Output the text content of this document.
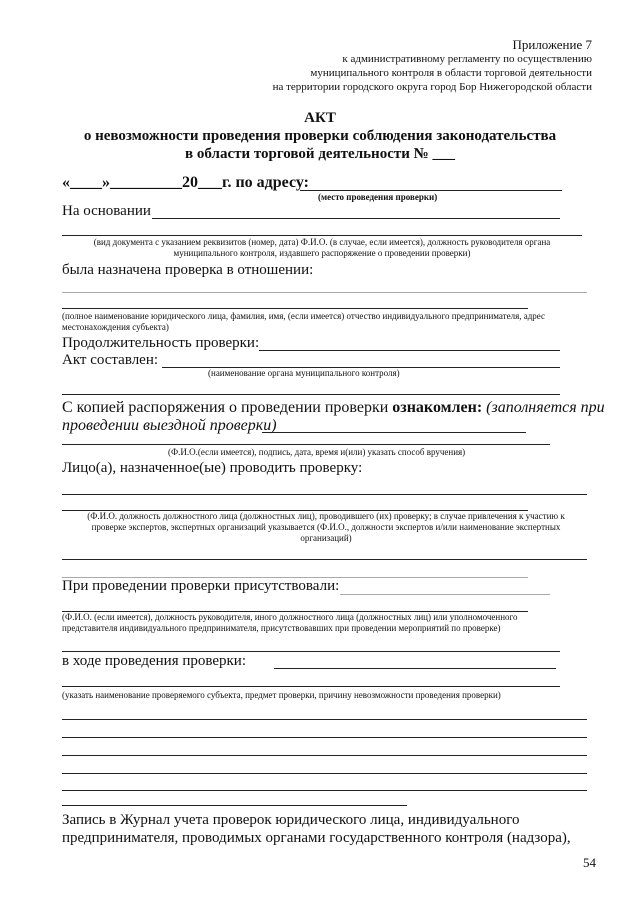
Приложение 7
к административному регламенту по осуществлению
муниципального контроля в области торговой деятельности
на территории городского округа город Бор Нижегородской области
АКТ
о невозможности проведения проверки соблюдения законодательства
в области торговой деятельности № ___
«____»_________20___г. по адресу:
(место проведения проверки)
На основании
(вид документа с указанием реквизитов (номер, дата) Ф.И.О. (в случае, если имеется), должность руководителя органа
муниципального контроля, издавшего распоряжение о проведении проверки)
была назначена проверка в отношении:
(полное наименование юридического лица, фамилия, имя, (если имеется) отчество индивидуального предпринимателя, адрес
местонахождения субъекта)
Продолжительность проверки:
Акт составлен:
(наименование органа муниципального контроля)
С копией распоряжения о проведении проверки ознакомлен: (заполняется при
проведении выездной проверки)
(Ф.И.О.(если имеется), подпись, дата, время и(или) указать способ вручения)
Лицо(а), назначенное(ые) проводить проверку:
(Ф.И.О. должность должностного лица (должностных лиц), проводившего (их) проверку; в случае привлечения к участию к
проверке экспертов, экспертных организаций указывается (Ф.И.О., должности экспертов и/или наименование экспертных
организаций)
При проведении проверки присутствовали:
(Ф.И.О. (если имеется), должность руководителя, иного должностного лица (должностных лиц) или уполномоченного
представителя индивидуального предпринимателя, присутствовавших при проведении мероприятий по проверке)
в ходе проведения проверки:
(указать наименование проверяемого субъекта, предмет проверки, причину невозможности проведения проверки)
Запись в Журнал учета проверок юридического лица, индивидуального
предпринимателя, проводимых органами государственного контроля (надзора),
54
